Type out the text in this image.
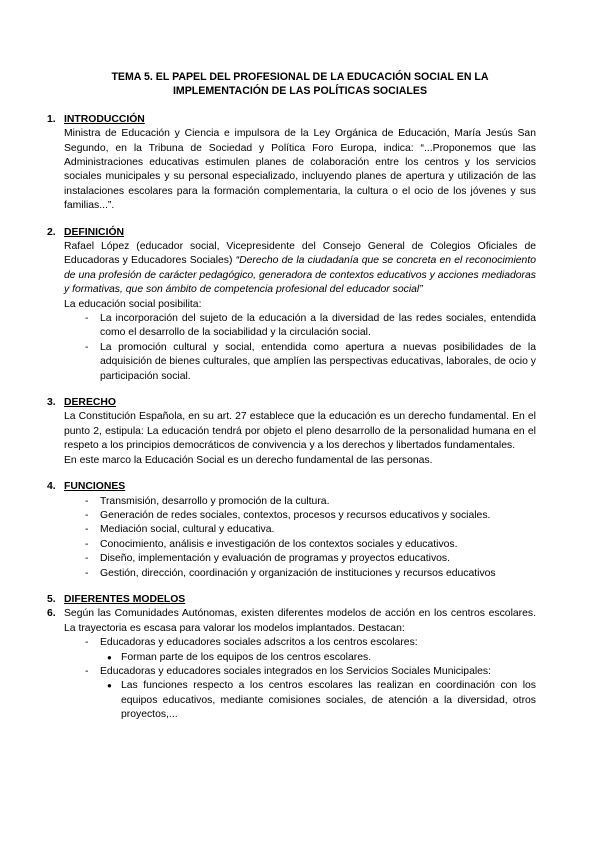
TEMA 5. EL PAPEL DEL PROFESIONAL DE LA EDUCACIÓN SOCIAL EN LA IMPLEMENTACIÓN DE LAS POLÍTICAS SOCIALES
1. INTRODUCCIÓN

Ministra de Educación y Ciencia e impulsora de la Ley Orgánica de Educación, María Jesús San Segundo, en la Tribuna de Sociedad y Política Foro Europa, indica: “...Proponemos que las Administraciones educativas estimulen planes de colaboración entre los centros y los servicios sociales municipales y su personal especializado, incluyendo planes de apertura y utilización de las instalaciones escolares para la formación complementaria, la cultura o el ocio de los jóvenes y sus familias...”.

2. DEFINICIÓN

Rafael López (educador social, Vicepresidente del Consejo General de Colegios Oficiales de Educadoras y Educadores Sociales) “Derecho de la ciudadanía que se concreta en el reconocimiento de una profesión de carácter pedagógico, generadora de contextos educativos y acciones mediadoras y formativas, que son ámbito de competencia profesional del educador social”

La educación social posibilita:

- La incorporación del sujeto de la educación a la diversidad de las redes sociales, entendida como el desarrollo de la sociabilidad y la circulación social.
- La promoción cultural y social, entendida como apertura a nuevas posibilidades de la adquisición de bienes culturales, que amplíen las perspectivas educativas, laborales, de ocio y participación social.
3. DERECHO

La Constitución Española, en su art. 27 establece que la educación es un derecho fundamental. En el punto 2, estipula: La educación tendrá por objeto el pleno desarrollo de la personalidad humana en el respeto a los principios democráticos de convivencia y a los derechos y libertados fundamentales.

En este marco la Educación Social es un derecho fundamental de las personas.

4. FUNCIONES
- Transmisión, desarrollo y promoción de la cultura.
- Generación de redes sociales, contextos, procesos y recursos educativos y sociales.
- Mediación social, cultural y educativa.
- Conocimiento, análisis e investigación de los contextos sociales y educativos.
- Diseño, implementación y evaluación de programas y proyectos educativos.
- Gestión, dirección, coordinación y organización de instituciones y recursos educativos
5. DIFERENTES MODELOS
6. Según las Comunidades Autónomas, existen diferentes modelos de acción en los centros escolares. La trayectoria es escasa para valorar los modelos implantados. Destacan:

- Educadoras y educadores sociales adscritos a los centros escolares:
● Forman parte de los equipos de los centros escolares.
- Educadoras y educadores sociales integrados en los Servicios Sociales Municipales:
● Las funciones respecto a los centros escolares las realizan en coordinación con los equipos educativos, mediante comisiones sociales, de atención a la diversidad, otros proyectos,...
